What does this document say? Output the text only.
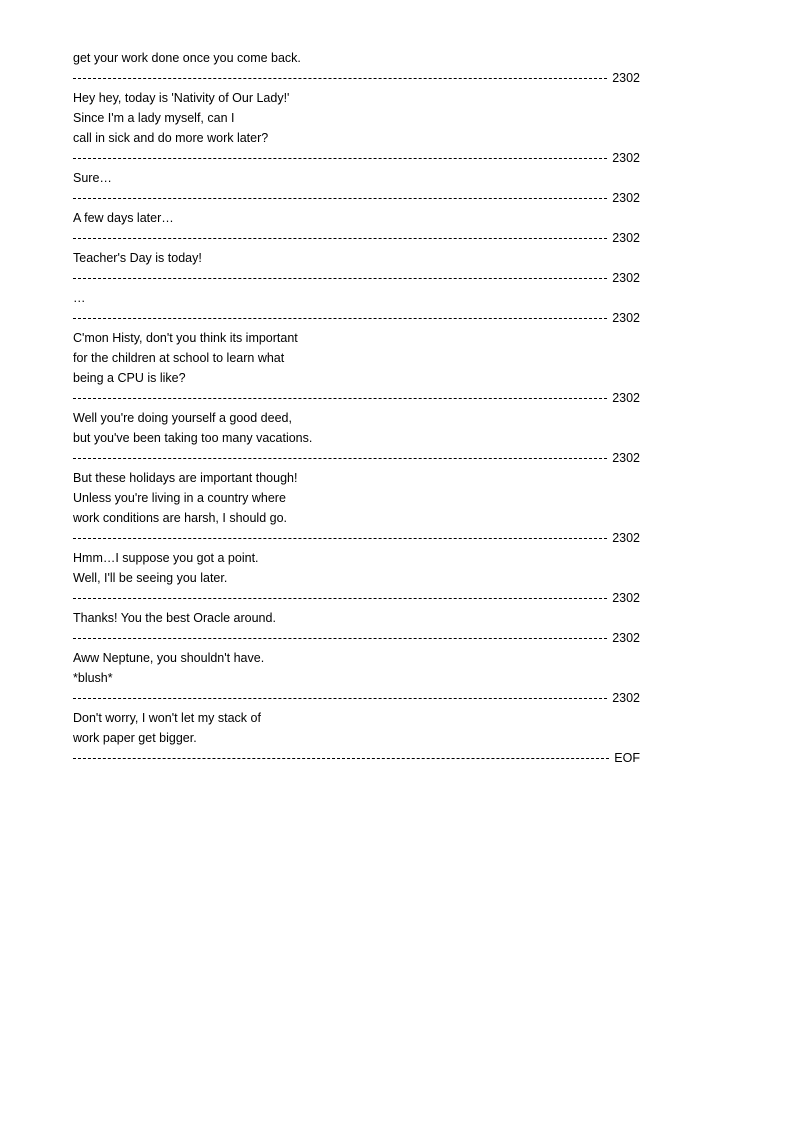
get your work done once you come back.
2302
Hey hey, today is 'Nativity of Our Lady!'
Since I'm a lady myself, can I
call in sick and do more work later?
2302
Sure…
2302
A few days later…
2302
Teacher's Day is today!
2302
…
2302
C'mon Histy, don't you think its important
for the children at school to learn what
being a CPU is like?
2302
Well you're doing yourself a good deed,
but you've been taking too many vacations.
2302
But these holidays are important though!
Unless you're living in a country where
work conditions are harsh, I should go.
2302
Hmm…I suppose you got a point.
Well, I'll be seeing you later.
2302
Thanks! You the best Oracle around.
2302
Aww Neptune, you shouldn't have.
*blush*
2302
Don't worry, I won't let my stack of
work paper get bigger.
EOF
